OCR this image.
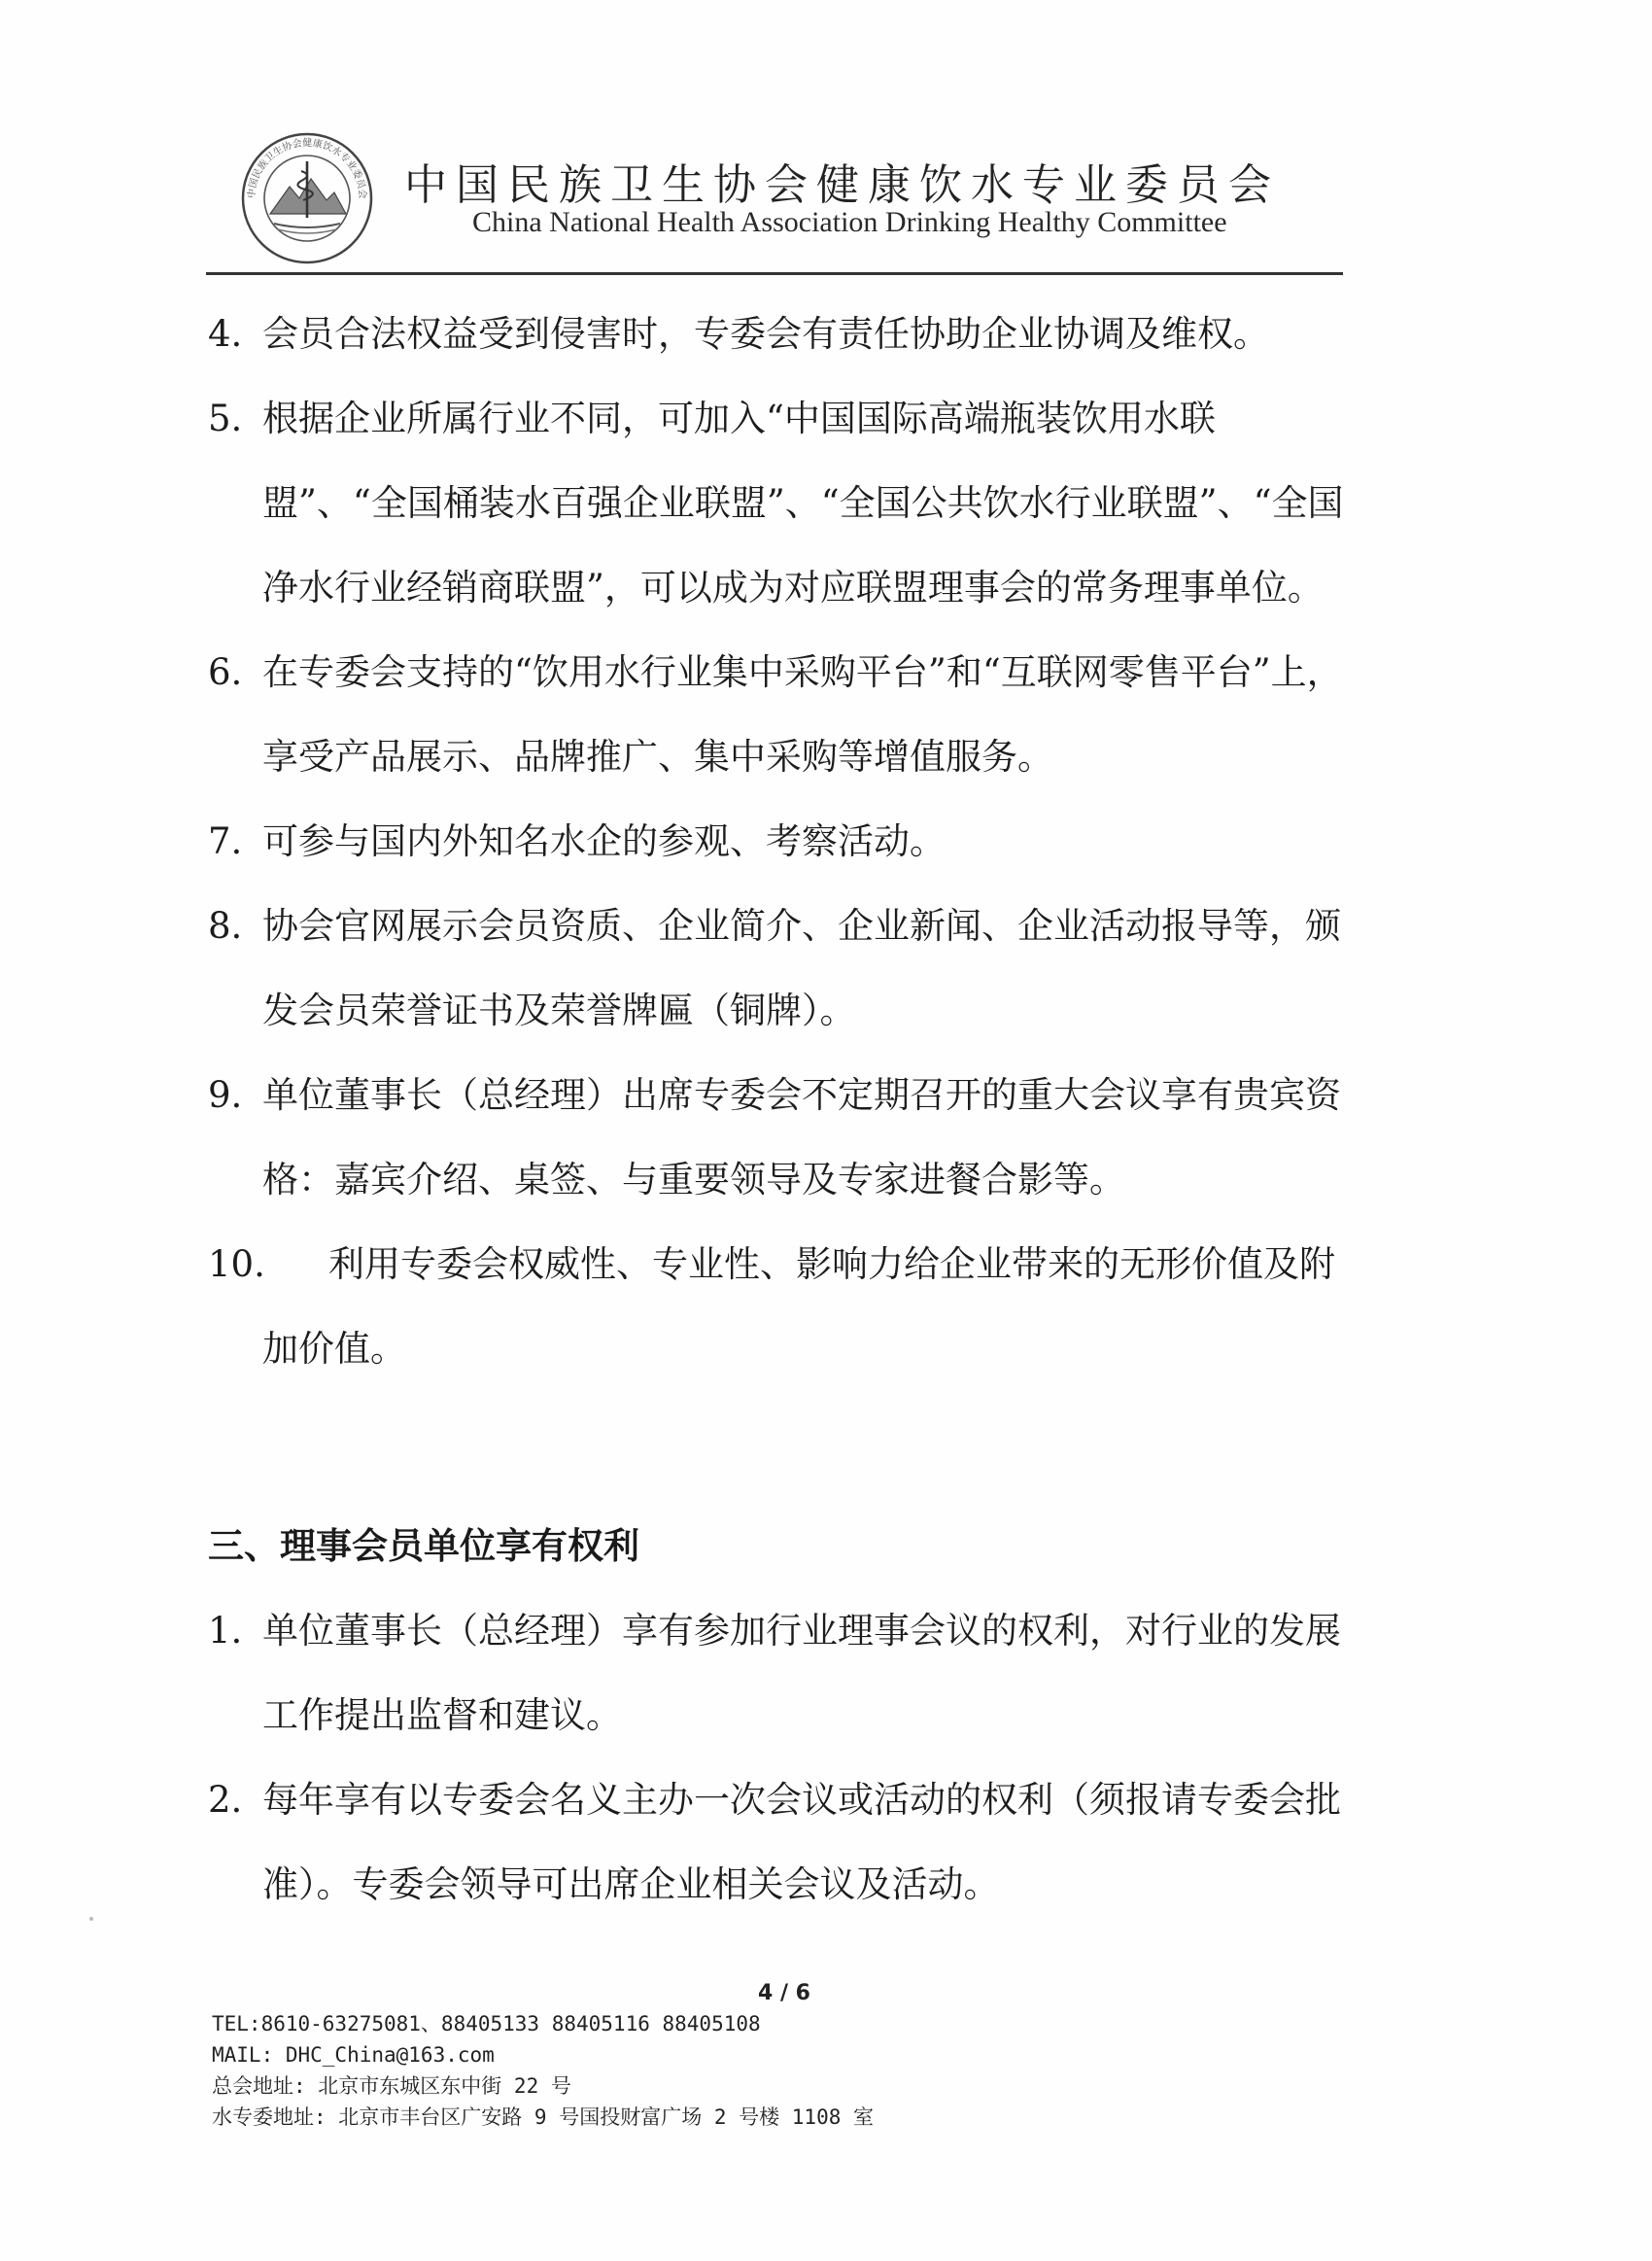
中国民族卫生协会健康饮水专业委员会 中国民族卫生协会健康饮水专业委员会
China National Health Association Drinking Healthy Committee
4. 会员合法权益受到侵害时，专委会有责任协助企业协调及维权。
5. 根据企业所属行业不同，可加入“中国国际高端瓶装饮用水联盟”、“全国桶装水百强企业联盟”、“全国公共饮水行业联盟”、“全国净水行业经销商联盟”，可以成为对应联盟理事会的常务理事单位。
6. 在专委会支持的“饮用水行业集中采购平台”和“互联网零售平台”上，享受产品展示、品牌推广、集中采购等增值服务。
7. 可参与国内外知名水企的参观、考察活动。
8. 协会官网展示会员资质、企业简介、企业新闻、企业活动报导等，颁发会员荣誉证书及荣誉牌匾（铜牌）。
9. 单位董事长（总经理）出席专委会不定期召开的重大会议享有贵宾资格：嘉宾介绍、桌签、与重要领导及专家进餐合影等。
10.	利用专委会权威性、专业性、影响力给企业带来的无形价值及附加价值。
三、理事会员单位享有权利
1. 单位董事长（总经理）享有参加行业理事会议的权利，对行业的发展工作提出监督和建议。
2. 每年享有以专委会名义主办一次会议或活动的权利（须报请专委会批准）。专委会领导可出席企业相关会议及活动。
4 / 6
TEL:8610-63275081、88405133 88405116 88405108
MAIL: DHC_China@163.com
总会地址: 北京市东城区东中街 22 号
水专委地址: 北京市丰台区广安路 9 号国投财富广场 2 号楼 1108 室
